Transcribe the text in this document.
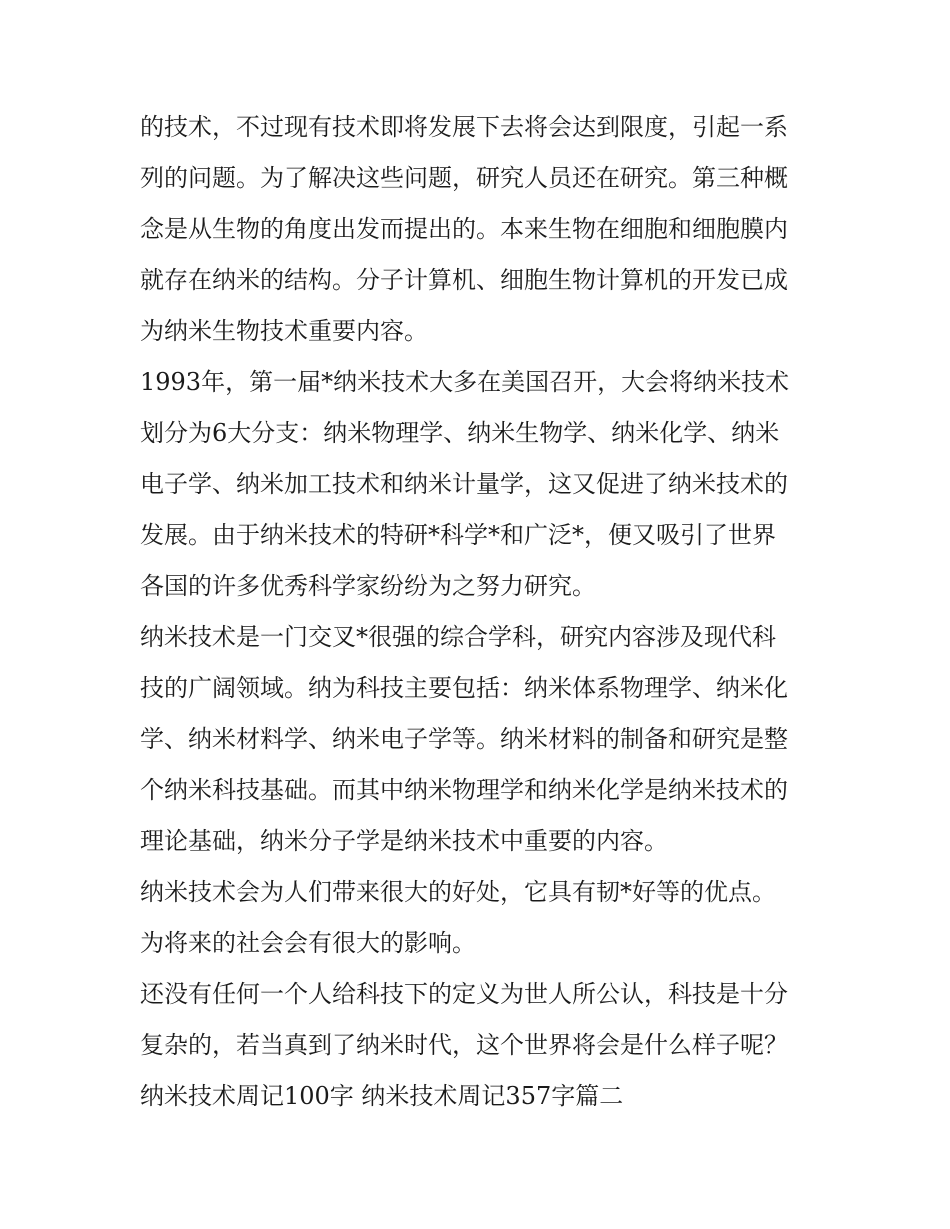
的技术，不过现有技术即将发展下去将会达到限度，引起一系
列的问题。为了解决这些问题，研究人员还在研究。第三种概
念是从生物的角度出发而提出的。本来生物在细胞和细胞膜内
就存在纳米的结构。分子计算机、细胞生物计算机的开发已成
为纳米生物技术重要内容。
1993年，第一届*纳米技术大多在美国召开，大会将纳米技术
划分为6大分支：纳米物理学、纳米生物学、纳米化学、纳米
电子学、纳米加工技术和纳米计量学，这又促进了纳米技术的
发展。由于纳米技术的特研*科学*和广泛*，便又吸引了世界
各国的许多优秀科学家纷纷为之努力研究。
纳米技术是一门交叉*很强的综合学科，研究内容涉及现代科
技的广阔领域。纳为科技主要包括：纳米体系物理学、纳米化
学、纳米材料学、纳米电子学等。纳米材料的制备和研究是整
个纳米科技基础。而其中纳米物理学和纳米化学是纳米技术的
理论基础，纳米分子学是纳米技术中重要的内容。
纳米技术会为人们带来很大的好处，它具有韧*好等的优点。
为将来的社会会有很大的影响。
还没有任何一个人给科技下的定义为世人所公认，科技是十分
复杂的，若当真到了纳米时代，这个世界将会是什么样子呢？
纳米技术周记100字 纳米技术周记357字篇二
